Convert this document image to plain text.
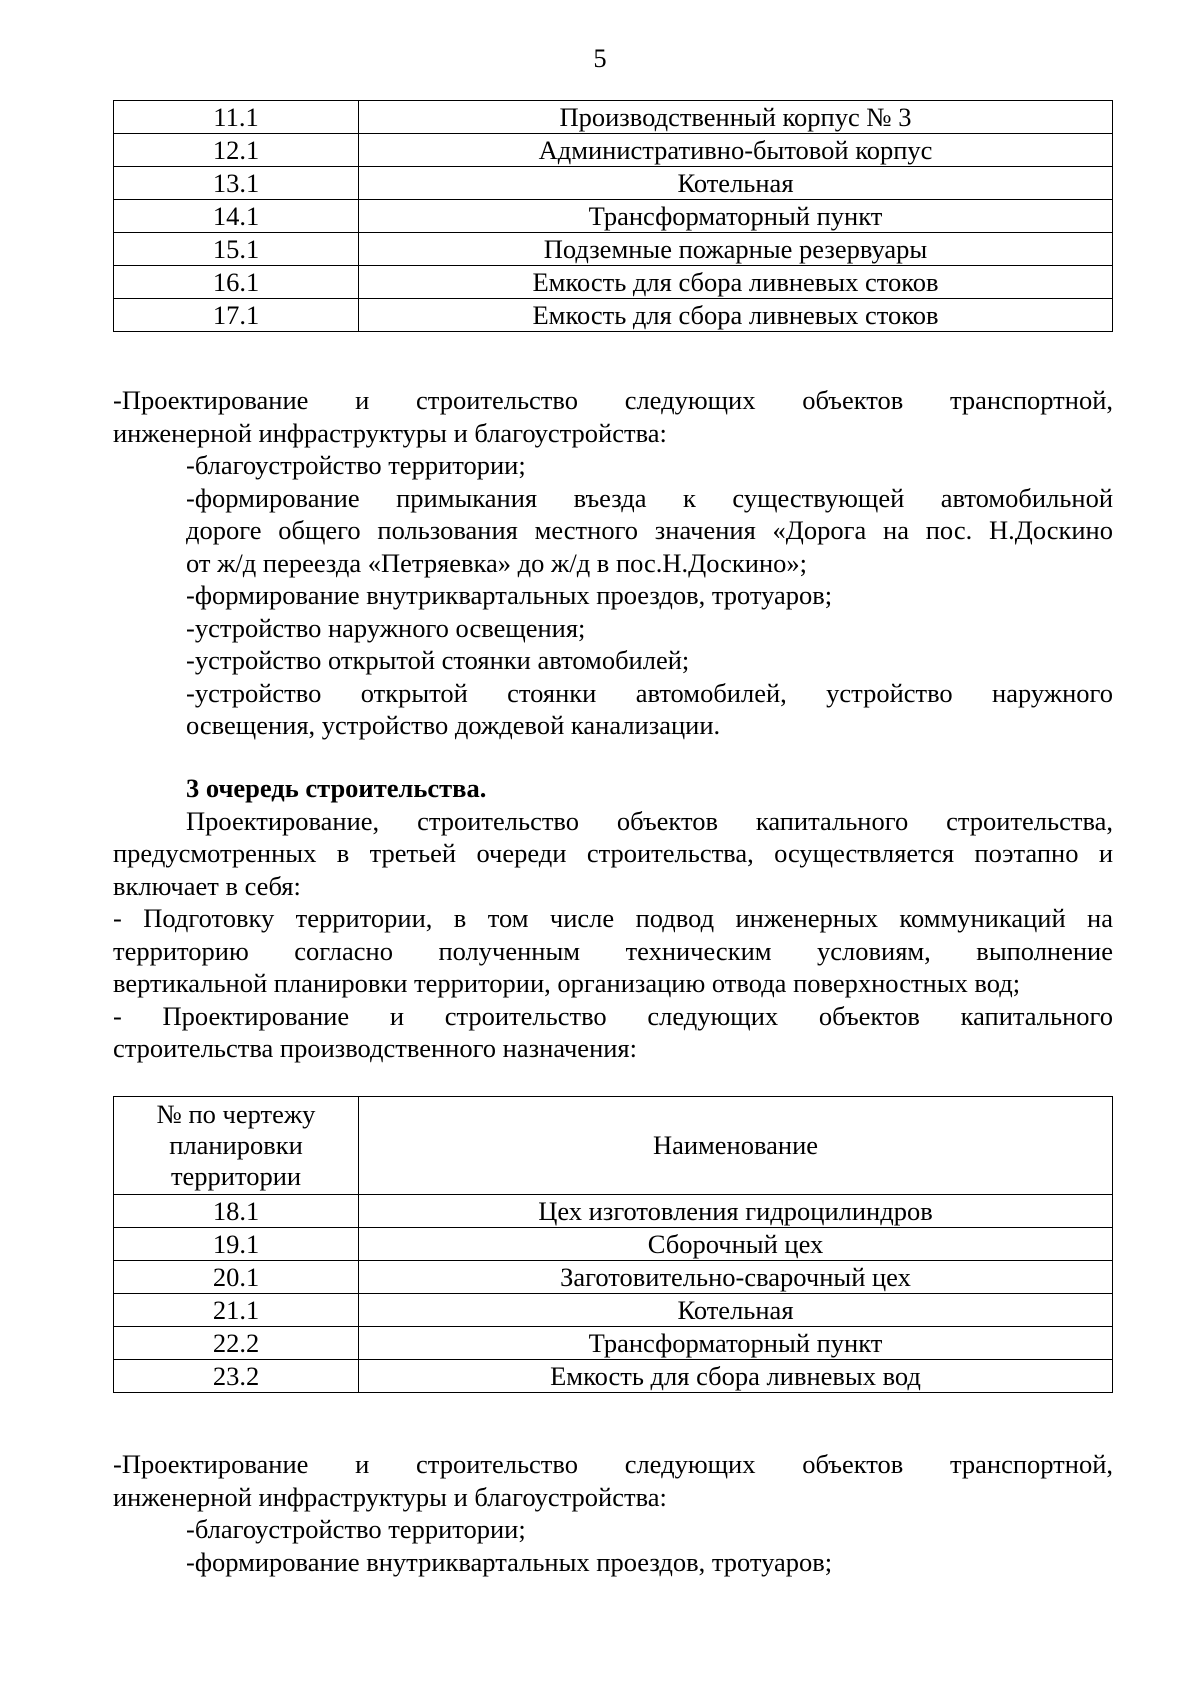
5
11.1	Производственный корпус № 3
12.1	Административно-бытовой корпус
13.1	Котельная
14.1	Трансформаторный пункт
15.1	Подземные пожарные резервуары
16.1	Емкость для сбора ливневых стоков
17.1	Емкость для сбора ливневых стоков

-Проектирование и строительство следующих объектов транспортной,

инженерной инфраструктуры и благоустройства:

-благоустройство территории;

-формирование примыкания въезда к существующей автомобильной

дороге общего пользования местного значения «Дорога на пос. Н.Доскино

от ж/д переезда «Петряевка» до ж/д в пос.Н.Доскино»;

-формирование внутриквартальных проездов, тротуаров;

-устройство наружного освещения;

-устройство открытой стоянки автомобилей;

-устройство открытой стоянки автомобилей, устройство наружного

освещения, устройство дождевой канализации.

3 очередь строительства.

Проектирование, строительство объектов капитального строительства,

предусмотренных в третьей очереди строительства, осуществляется поэтапно и

включает в себя:

- Подготовку территории, в том числе подвод инженерных коммуникаций на

территорию согласно полученным техническим условиям, выполнение

вертикальной планировки территории, организацию отвода поверхностных вод;

- Проектирование и строительство следующих объектов капитального

строительства производственного назначения:

№ по чертежу
планировки
территории	Наименование
18.1	Цех изготовления гидроцилиндров
19.1	Сборочный цех
20.1	Заготовительно-сварочный цех
21.1	Котельная
22.2	Трансформаторный пункт
23.2	Емкость для сбора ливневых вод

-Проектирование и строительство следующих объектов транспортной,

инженерной инфраструктуры и благоустройства:

-благоустройство территории;

-формирование внутриквартальных проездов, тротуаров;
